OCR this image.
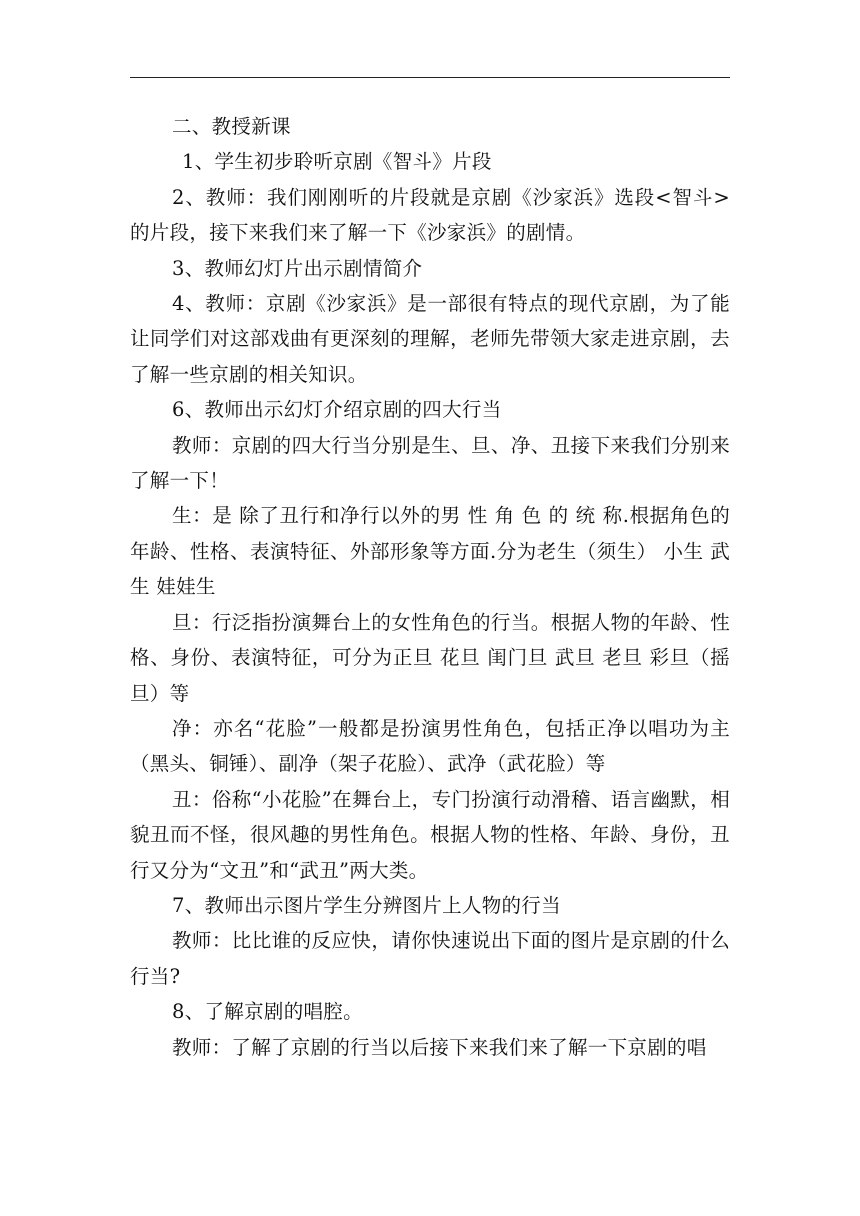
二、教授新课

1、学生初步聆听京剧《智斗》片段

2、教师：我们刚刚听的片段就是京剧《沙家浜》选段<智斗>的片段，接下来我们来了解一下《沙家浜》的剧情。

3、教师幻灯片出示剧情简介

4、教师：京剧《沙家浜》是一部很有特点的现代京剧，为了能让同学们对这部戏曲有更深刻的理解，老师先带领大家走进京剧，去了解一些京剧的相关知识。

6、教师出示幻灯介绍京剧的四大行当

教师：京剧的四大行当分别是生、旦、净、丑接下来我们分别来了解一下！

生：是 除了丑行和净行以外的男 性 角 色 的 统 称.根据角色的年龄、性格、表演特征、外部形象等方面.分为老生（须生） 小生 武生 娃娃生

旦：行泛指扮演舞台上的女性角色的行当。根据人物的年龄、性格、身份、表演特征，可分为正旦 花旦 闺门旦 武旦 老旦 彩旦（摇旦）等

净：亦名“花脸”一般都是扮演男性角色，包括正净以唱功为主（黑头、铜锤）、副净（架子花脸）、武净（武花脸）等

丑：俗称“小花脸”在舞台上，专门扮演行动滑稽、语言幽默，相貌丑而不怪，很风趣的男性角色。根据人物的性格、年龄、身份，丑行又分为“文丑”和“武丑”两大类。

7、教师出示图片学生分辨图片上人物的行当

教师：比比谁的反应快，请你快速说出下面的图片是京剧的什么行当?

8、了解京剧的唱腔。

教师：了解了京剧的行当以后接下来我们来了解一下京剧的唱
